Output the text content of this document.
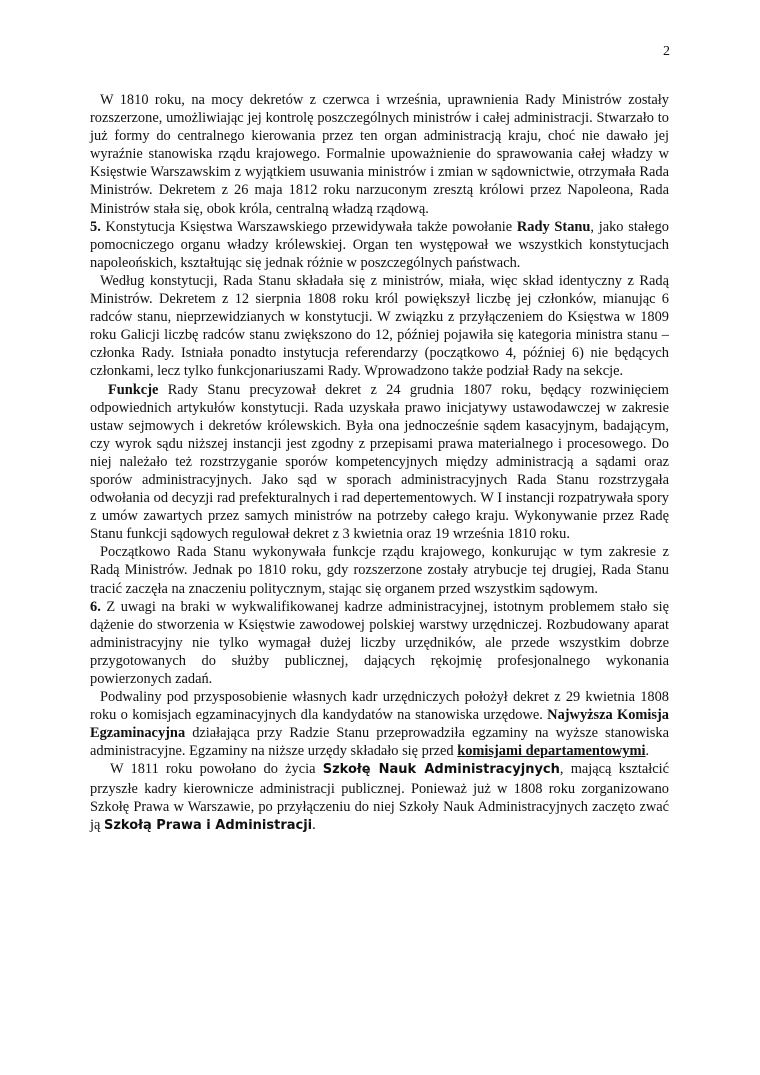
2

W 1810 roku, na mocy dekretów z czerwca i września, uprawnienia Rady Ministrów zostały rozszerzone, umożliwiając jej kontrolę poszczególnych ministrów i całej administracji. Stwarzało to już formy do centralnego kierowania przez ten organ administracją kraju, choć nie dawało jej wyraźnie stanowiska rządu krajowego. Formalnie upoważnienie do sprawowania całej władzy w Księstwie Warszawskim z wyjątkiem usuwania ministrów i zmian w sądownictwie, otrzymała Rada Ministrów. Dekretem z 26 maja 1812 roku narzuconym zresztą królowi przez Napoleona, Rada Ministrów stała się, obok króla, centralną władzą rządową.

5. Konstytucja Księstwa Warszawskiego przewidywała także powołanie Rady Stanu, jako stałego pomocniczego organu władzy królewskiej. Organ ten występował we wszystkich konstytucjach napoleońskich, kształtując się jednak różnie w poszczególnych państwach.

Według konstytucji, Rada Stanu składała się z ministrów, miała, więc skład identyczny z Radą Ministrów. Dekretem z 12 sierpnia 1808 roku król powiększył liczbę jej członków, mianując 6 radców stanu, nieprzewidzianych w konstytucji. W związku z przyłączeniem do Księstwa w 1809 roku Galicji liczbę radców stanu zwiększono do 12, później pojawiła się kategoria ministra stanu – członka Rady. Istniała ponadto instytucja referendarzy (początkowo 4, później 6) nie będących członkami, lecz tylko funkcjonariuszami Rady. Wprowadzono także podział Rady na sekcje.

Funkcje Rady Stanu precyzował dekret z 24 grudnia 1807 roku, będący rozwinięciem odpowiednich artykułów konstytucji. Rada uzyskała prawo inicjatywy ustawodawczej w zakresie ustaw sejmowych i dekretów królewskich. Była ona jednocześnie sądem kasacyjnym, badającym, czy wyrok sądu niższej instancji jest zgodny z przepisami prawa materialnego i procesowego. Do niej należało też rozstrzyganie sporów kompetencyjnych między administracją a sądami oraz sporów administracyjnych. Jako sąd w sporach administracyjnych Rada Stanu rozstrzygała odwołania od decyzji rad prefekturalnych i rad depertementowych. W I instancji rozpatrywała spory z umów zawartych przez samych ministrów na potrzeby całego kraju. Wykonywanie przez Radę Stanu funkcji sądowych regulował dekret z 3 kwietnia oraz 19 września 1810 roku.

Początkowo Rada Stanu wykonywała funkcje rządu krajowego, konkurując w tym zakresie z Radą Ministrów. Jednak po 1810 roku, gdy rozszerzone zostały atrybucje tej drugiej, Rada Stanu tracić zaczęła na znaczeniu politycznym, stając się organem przed wszystkim sądowym.

6. Z uwagi na braki w wykwalifikowanej kadrze administracyjnej, istotnym problemem stało się dążenie do stworzenia w Księstwie zawodowej polskiej warstwy urzędniczej. Rozbudowany aparat administracyjny nie tylko wymagał dużej liczby urzędników, ale przede wszystkim dobrze przygotowanych do służby publicznej, dających rękojmię profesjonalnego wykonania powierzonych zadań.

Podwaliny pod przysposobienie własnych kadr urzędniczych położył dekret z 29 kwietnia 1808 roku o komisjach egzaminacyjnych dla kandydatów na stanowiska urzędowe. Najwyższa Komisja Egzaminacyjna działająca przy Radzie Stanu przeprowadziła egzaminy na wyższe stanowiska administracyjne. Egzaminy na niższe urzędy składało się przed komisjami departamentowymi.

W 1811 roku powołano do życia Szkołę Nauk Administracyjnych, mającą kształcić przyszłe kadry kierownicze administracji publicznej. Ponieważ już w 1808 roku zorganizowano Szkołę Prawa w Warszawie, po przyłączeniu do niej Szkoły Nauk Administracyjnych zaczęto zwać ją Szkołą Prawa i Administracji.
